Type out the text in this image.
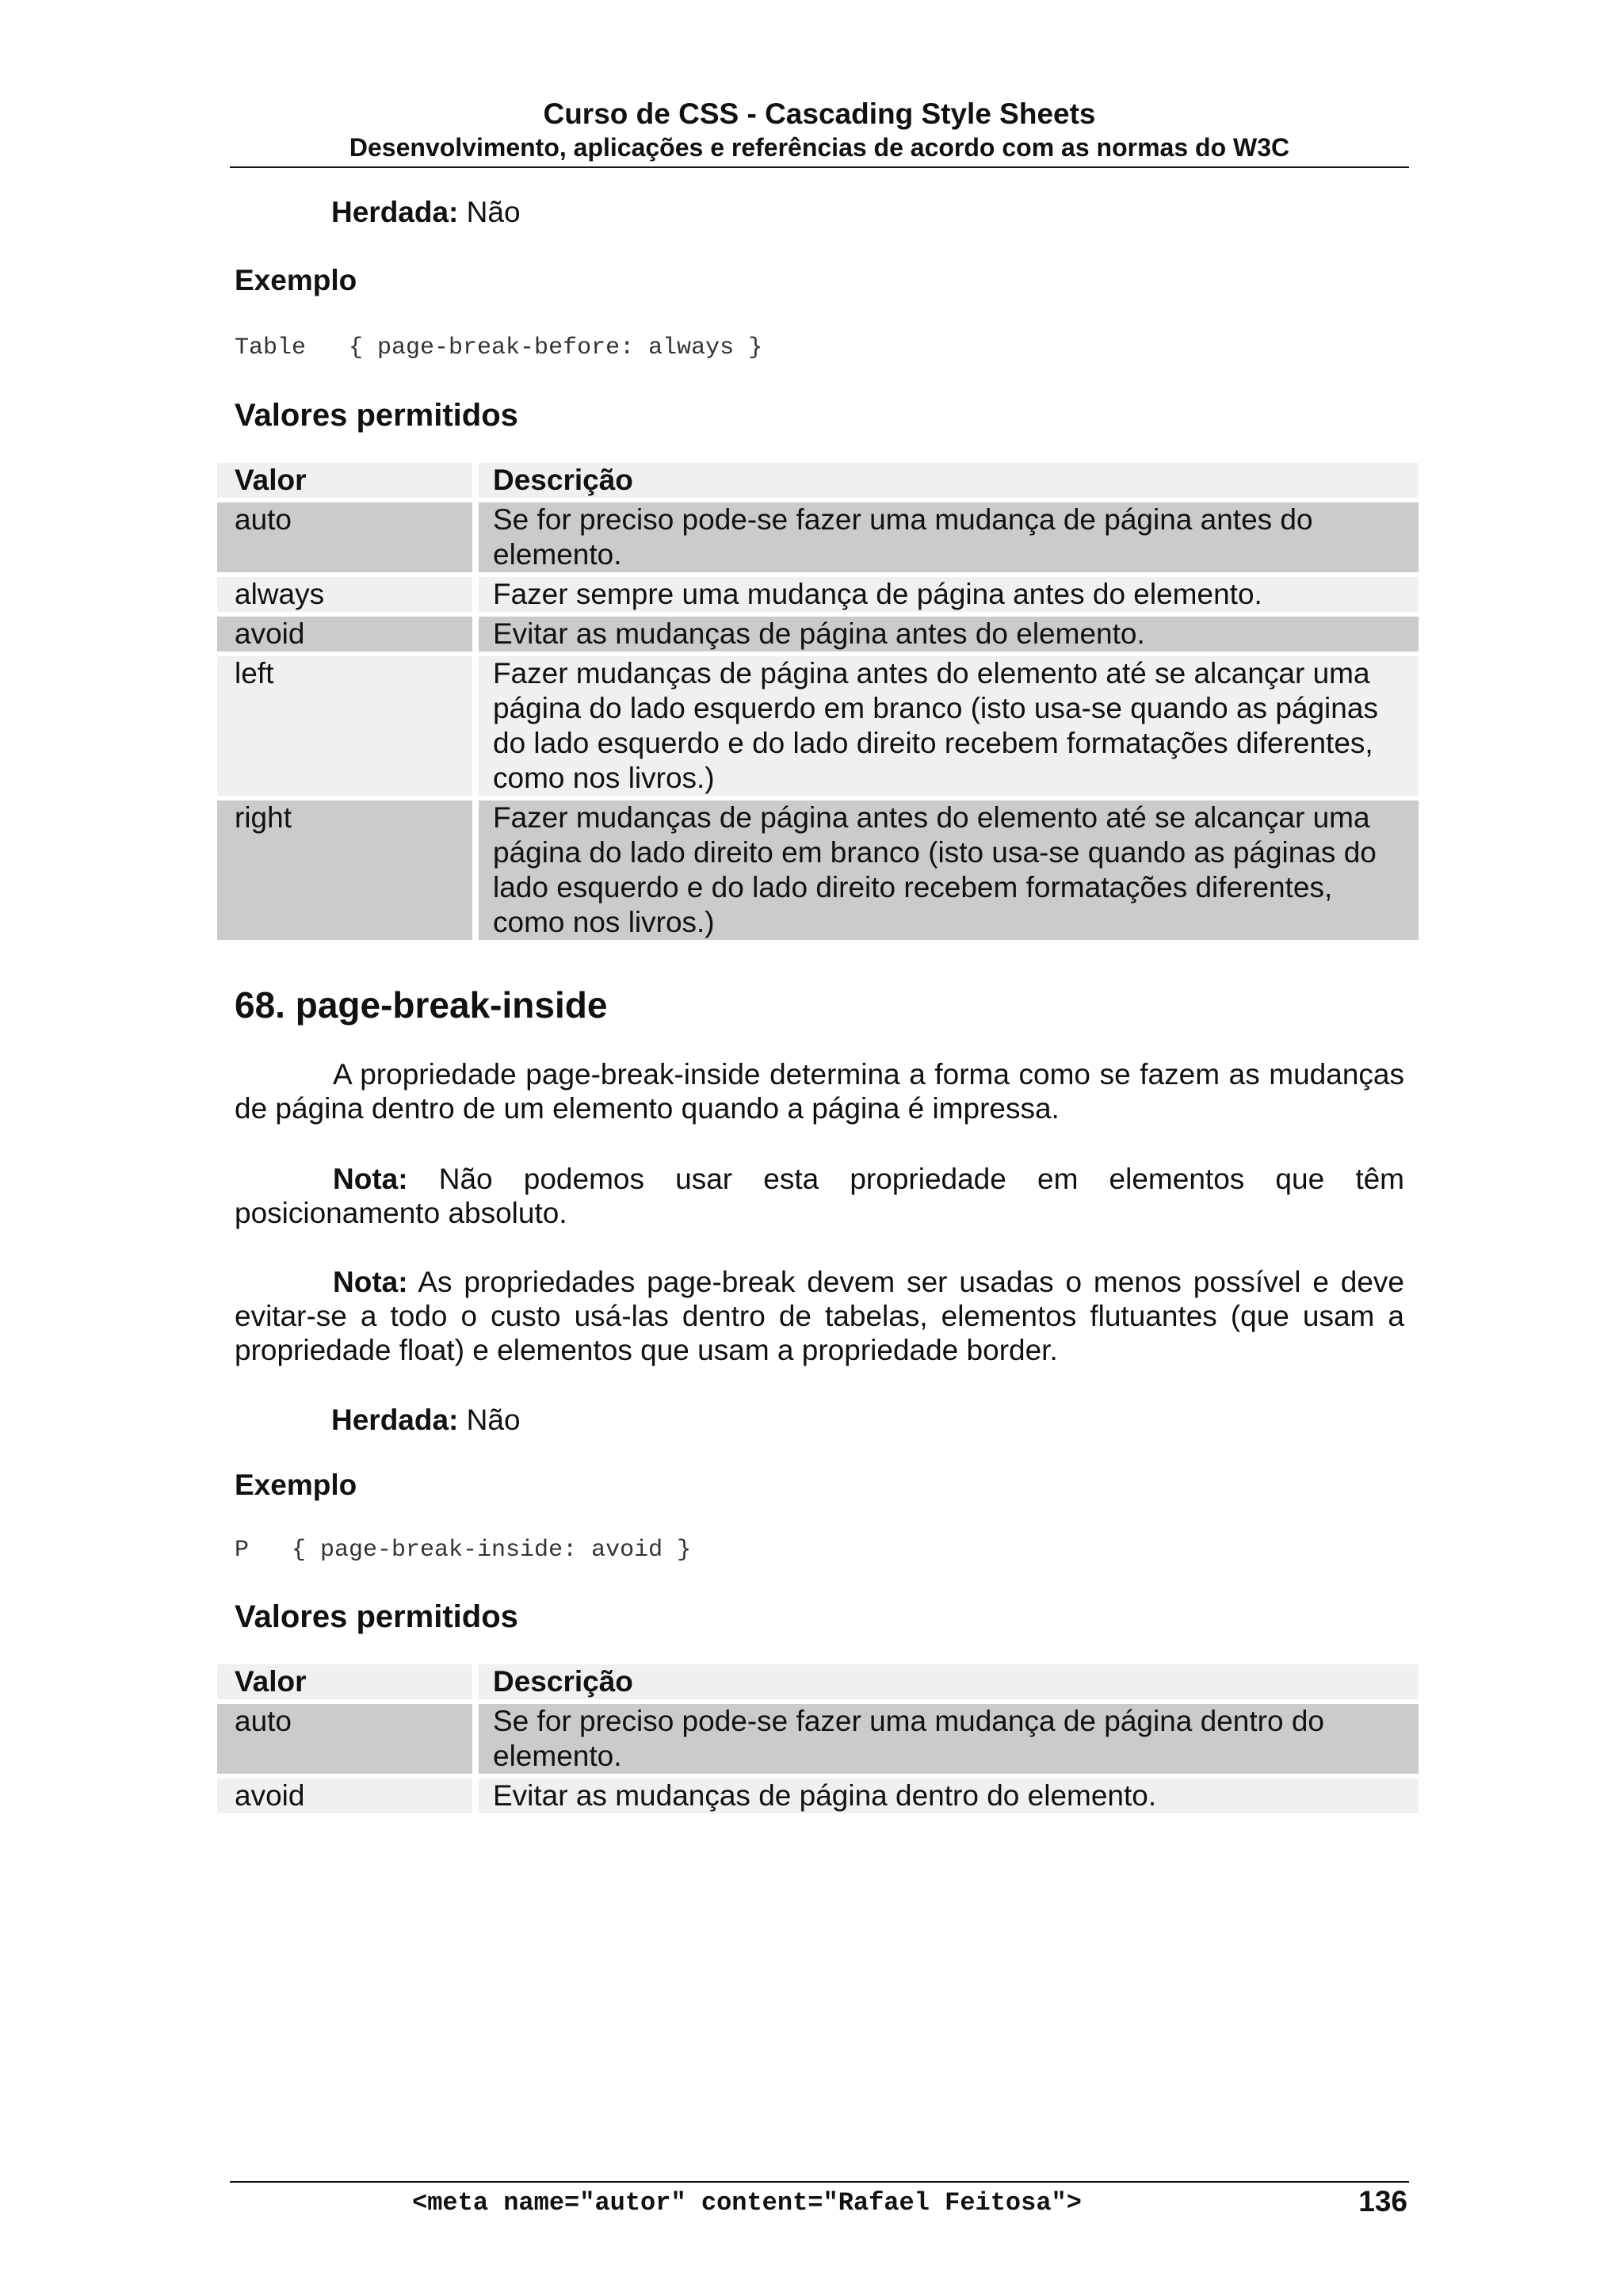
Curso de CSS - Cascading Style Sheets
Desenvolvimento, aplicações e referências de acordo com as normas do W3C
Herdada: Não
Exemplo
Table   { page-break-before: always }
Valores permitidos
Valor	Descrição
auto	Se for preciso pode-se fazer uma mudança de página antes do elemento.
always	Fazer sempre uma mudança de página antes do elemento.
avoid	Evitar as mudanças de página antes do elemento.
left	Fazer mudanças de página antes do elemento até se alcançar uma página do lado esquerdo em branco (isto usa-se quando as páginas do lado esquerdo e do lado direito recebem formatações diferentes, como nos livros.)
right	Fazer mudanças de página antes do elemento até se alcançar uma página do lado direito em branco (isto usa-se quando as páginas do lado esquerdo e do lado direito recebem formatações diferentes, como nos livros.)
68. page-break-inside
A propriedade page-break-inside determina a forma como se fazem as mudanças de página dentro de um elemento quando a página é impressa.
Nota: Não podemos usar esta propriedade em elementos que têm posicionamento absoluto.
Nota: As propriedades page-break devem ser usadas o menos possível e deve evitar-se a todo o custo usá-las dentro de tabelas, elementos flutuantes (que usam a propriedade float) e elementos que usam a propriedade border.
Herdada: Não
Exemplo
P   { page-break-inside: avoid }
Valores permitidos
Valor	Descrição
auto	Se for preciso pode-se fazer uma mudança de página dentro do elemento.
avoid	Evitar as mudanças de página dentro do elemento.
<meta name="autor" content="Rafael Feitosa">	136
